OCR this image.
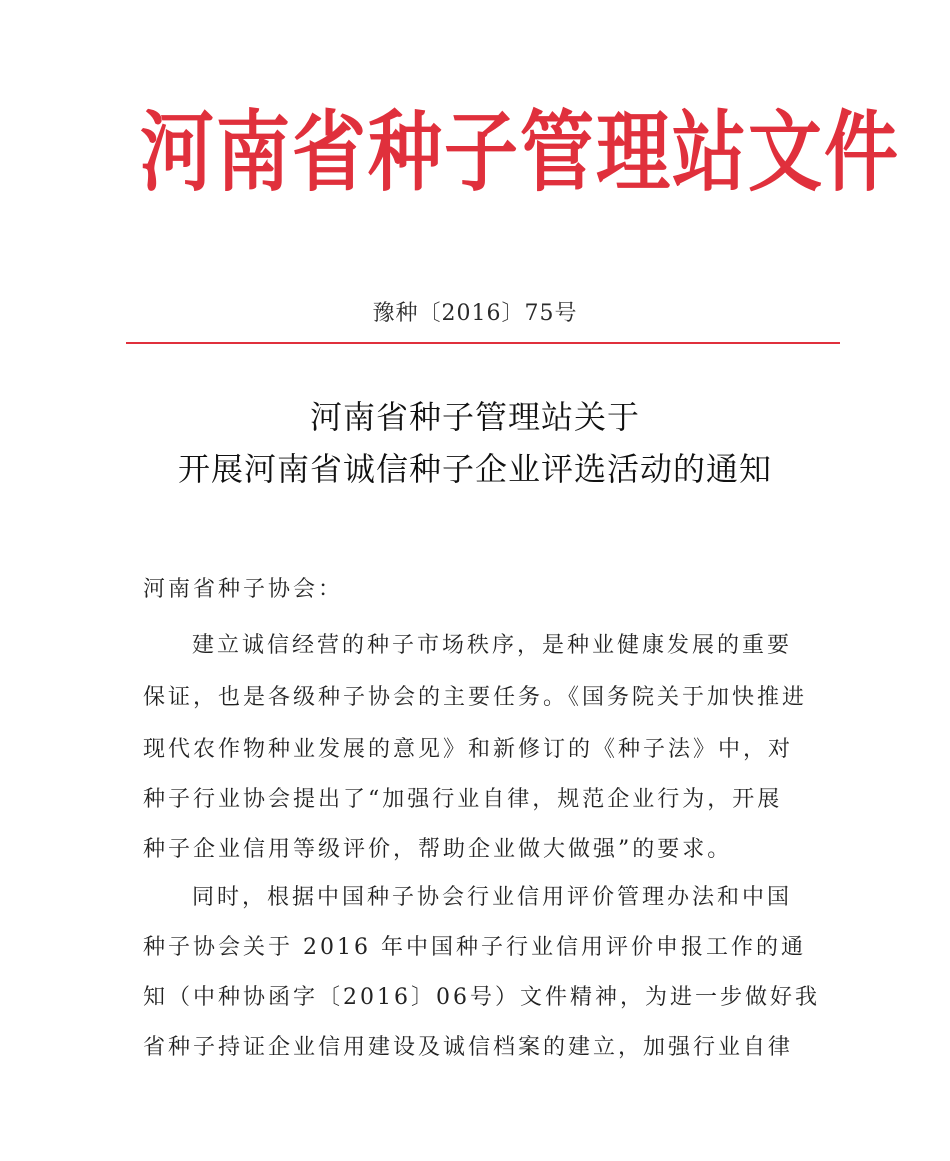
河南省种子管理站文件
豫种〔2016〕75号
河南省种子管理站关于
开展河南省诚信种子企业评选活动的通知
河南省种子协会：
建立诚信经营的种子市场秩序，是种业健康发展的重要
保证，也是各级种子协会的主要任务。《国务院关于加快推进
现代农作物种业发展的意见》和新修订的《种子法》中，对
种子行业协会提出了“加强行业自律，规范企业行为，开展
种子企业信用等级评价，帮助企业做大做强”的要求。
同时，根据中国种子协会行业信用评价管理办法和中国
种子协会关于 2016 年中国种子行业信用评价申报工作的通
知（中种协函字〔2016〕06号）文件精神，为进一步做好我
省种子持证企业信用建设及诚信档案的建立，加强行业自律
